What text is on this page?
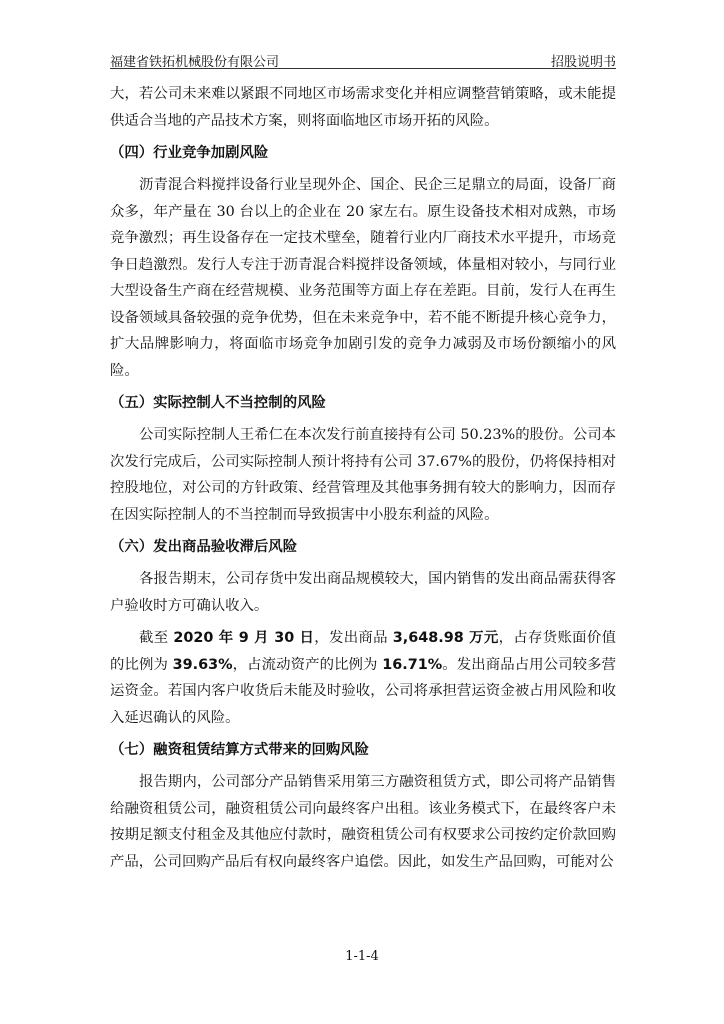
福建省铁拓机械股份有限公司	招股说明书

大，若公司未来难以紧跟不同地区市场需求变化并相应调整营销策略，或未能提供适合当地的产品技术方案，则将面临地区市场开拓的风险。

（四）行业竞争加剧风险

沥青混合料搅拌设备行业呈现外企、国企、民企三足鼎立的局面，设备厂商众多，年产量在 30 台以上的企业在 20 家左右。原生设备技术相对成熟，市场竞争激烈；再生设备存在一定技术壁垒，随着行业内厂商技术水平提升，市场竞争日趋激烈。发行人专注于沥青混合料搅拌设备领域，体量相对较小，与同行业大型设备生产商在经营规模、业务范围等方面上存在差距。目前，发行人在再生设备领域具备较强的竞争优势，但在未来竞争中，若不能不断提升核心竞争力，扩大品牌影响力，将面临市场竞争加剧引发的竞争力减弱及市场份额缩小的风险。

（五）实际控制人不当控制的风险

公司实际控制人王希仁在本次发行前直接持有公司 50.23%的股份。公司本次发行完成后，公司实际控制人预计将持有公司 37.67%的股份，仍将保持相对控股地位，对公司的方针政策、经营管理及其他事务拥有较大的影响力，因而存在因实际控制人的不当控制而导致损害中小股东利益的风险。

（六）发出商品验收滞后风险

各报告期末，公司存货中发出商品规模较大，国内销售的发出商品需获得客户验收时方可确认收入。

截至 2020 年 9 月 30 日，发出商品 3,648.98 万元，占存货账面价值的比例为 39.63%，占流动资产的比例为 16.71%。发出商品占用公司较多营运资金。若国内客户收货后未能及时验收，公司将承担营运资金被占用风险和收入延迟确认的风险。

（七）融资租赁结算方式带来的回购风险

报告期内，公司部分产品销售采用第三方融资租赁方式，即公司将产品销售给融资租赁公司，融资租赁公司向最终客户出租。该业务模式下，在最终客户未按期足额支付租金及其他应付款时，融资租赁公司有权要求公司按约定价款回购产品，公司回购产品后有权向最终客户追偿。因此，如发生产品回购，可能对公

1-1-4
